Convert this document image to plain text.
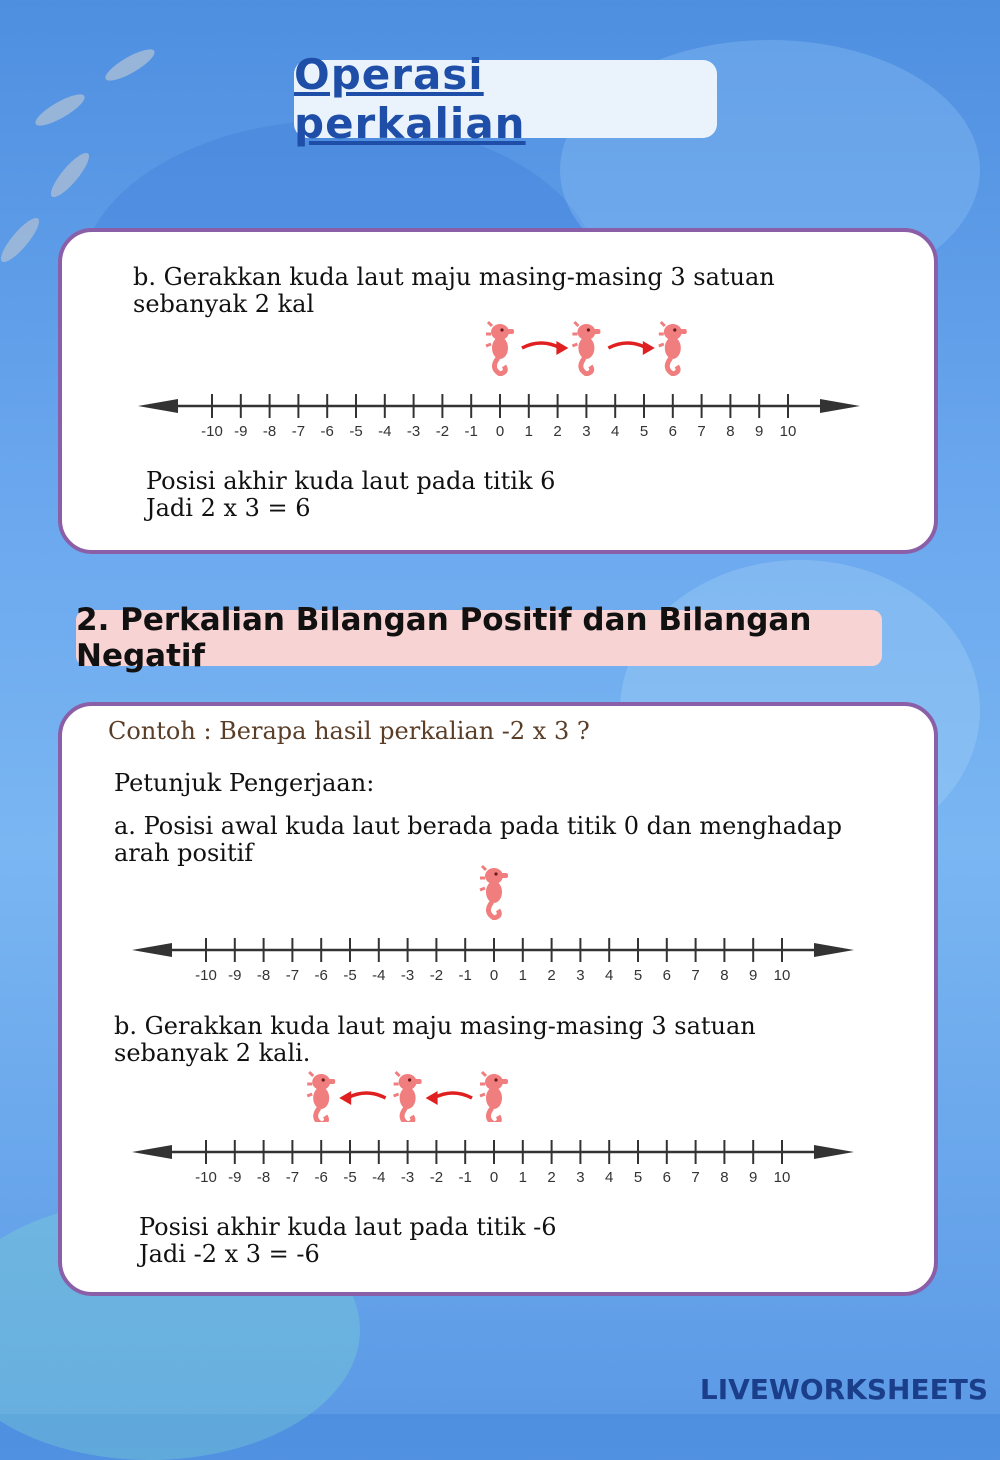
Operasi perkalian
b. Gerakkan kuda laut maju masing-masing 3 satuan
sebanyak 2 kal
-10 -9 -8 -7 -6 -5 -4 -3 -2 -1 0 1 2 3 4 5 6 7 8 9 10
Posisi akhir kuda laut pada titik 6
Jadi 2 x 3 = 6
2. Perkalian Bilangan Positif dan Bilangan Negatif
Contoh : Berapa hasil perkalian -2 x 3 ?
Petunjuk Pengerjaan:
a. Posisi awal kuda laut berada pada titik 0 dan menghadap
arah positif
-10 -9 -8 -7 -6 -5 -4 -3 -2 -1 0 1 2 3 4 5 6 7 8 9 10
b. Gerakkan kuda laut maju masing-masing 3 satuan
sebanyak 2 kali.
-10 -9 -8 -7 -6 -5 -4 -3 -2 -1 0 1 2 3 4 5 6 7 8 9 10
Posisi akhir kuda laut pada titik -6
Jadi -2 x 3 = -6
LIVEWORKSHEETS
